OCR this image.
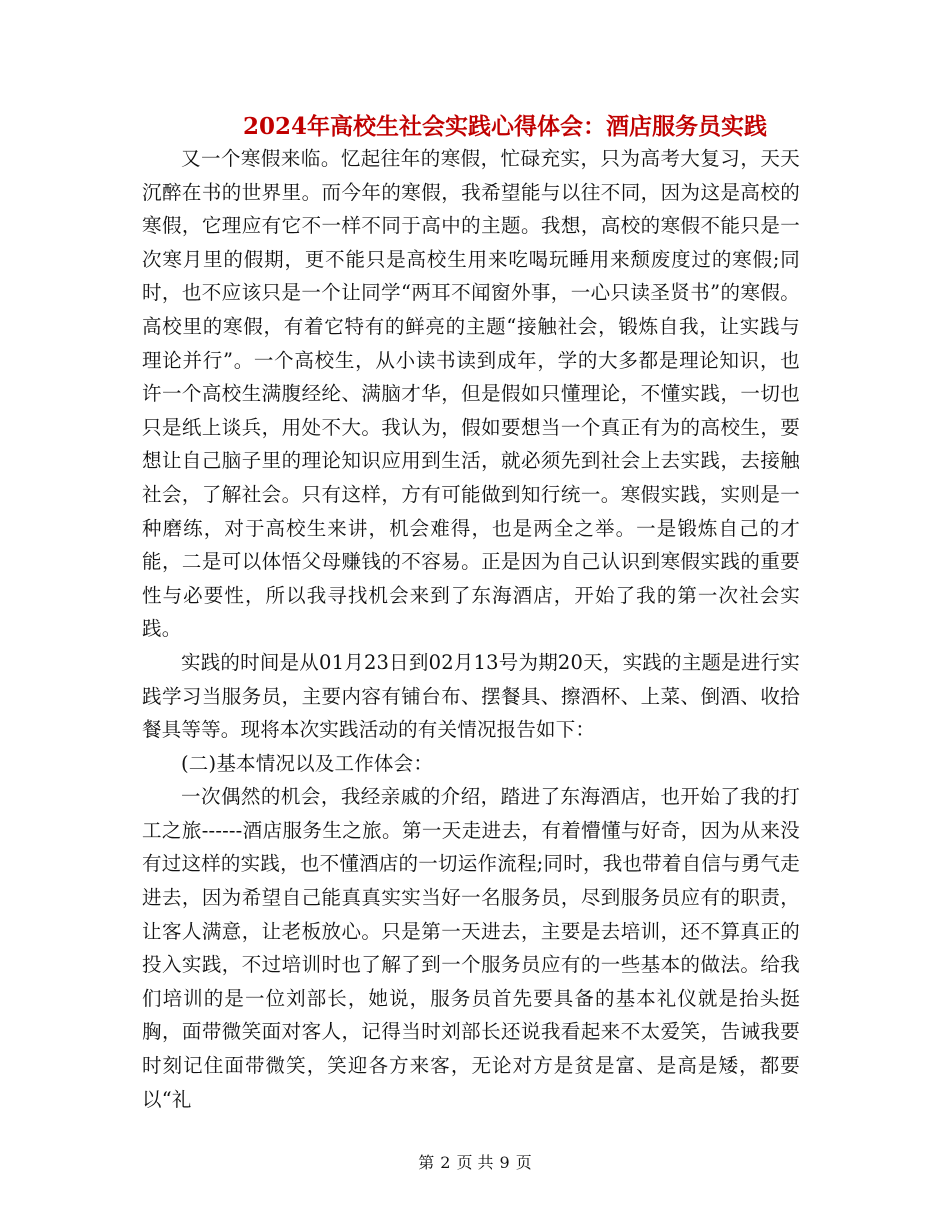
2024年高校生社会实践心得体会：酒店服务员实践

又一个寒假来临。忆起往年的寒假，忙碌充实，只为高考大复习，天天沉醉在书的世界里。而今年的寒假，我希望能与以往不同，因为这是高校的寒假，它理应有它不一样不同于高中的主题。我想，高校的寒假不能只是一次寒月里的假期，更不能只是高校生用来吃喝玩睡用来颓废度过的寒假;同时，也不应该只是一个让同学“两耳不闻窗外事，一心只读圣贤书”的寒假。高校里的寒假，有着它特有的鲜亮的主题“接触社会，锻炼自我，让实践与理论并行”。一个高校生，从小读书读到成年，学的大多都是理论知识，也许一个高校生满腹经纶、满脑才华，但是假如只懂理论，不懂实践，一切也只是纸上谈兵，用处不大。我认为，假如要想当一个真正有为的高校生，要想让自己脑子里的理论知识应用到生活，就必须先到社会上去实践，去接触社会，了解社会。只有这样，方有可能做到知行统一。寒假实践，实则是一种磨练，对于高校生来讲，机会难得，也是两全之举。一是锻炼自己的才能，二是可以体悟父母赚钱的不容易。正是因为自己认识到寒假实践的重要性与必要性，所以我寻找机会来到了东海酒店，开始了我的第一次社会实践。

实践的时间是从01月23日到02月13号为期20天，实践的主题是进行实践学习当服务员，主要内容有铺台布、摆餐具、擦酒杯、上菜、倒酒、收拾餐具等等。现将本次实践活动的有关情况报告如下：

(二)基本情况以及工作体会：

一次偶然的机会，我经亲戚的介绍，踏进了东海酒店，也开始了我的打工之旅------酒店服务生之旅。第一天走进去，有着懵懂与好奇，因为从来没有过这样的实践，也不懂酒店的一切运作流程;同时，我也带着自信与勇气走进去，因为希望自己能真真实实当好一名服务员，尽到服务员应有的职责，让客人满意，让老板放心。只是第一天进去，主要是去培训，还不算真正的投入实践，不过培训时也了解了到一个服务员应有的一些基本的做法。给我们培训的是一位刘部长，她说，服务员首先要具备的基本礼仪就是抬头挺胸，面带微笑面对客人，记得当时刘部长还说我看起来不太爱笑，告诫我要时刻记住面带微笑，笑迎各方来客，无论对方是贫是富、是高是矮，都要以“礼

第 2 页 共 9 页
